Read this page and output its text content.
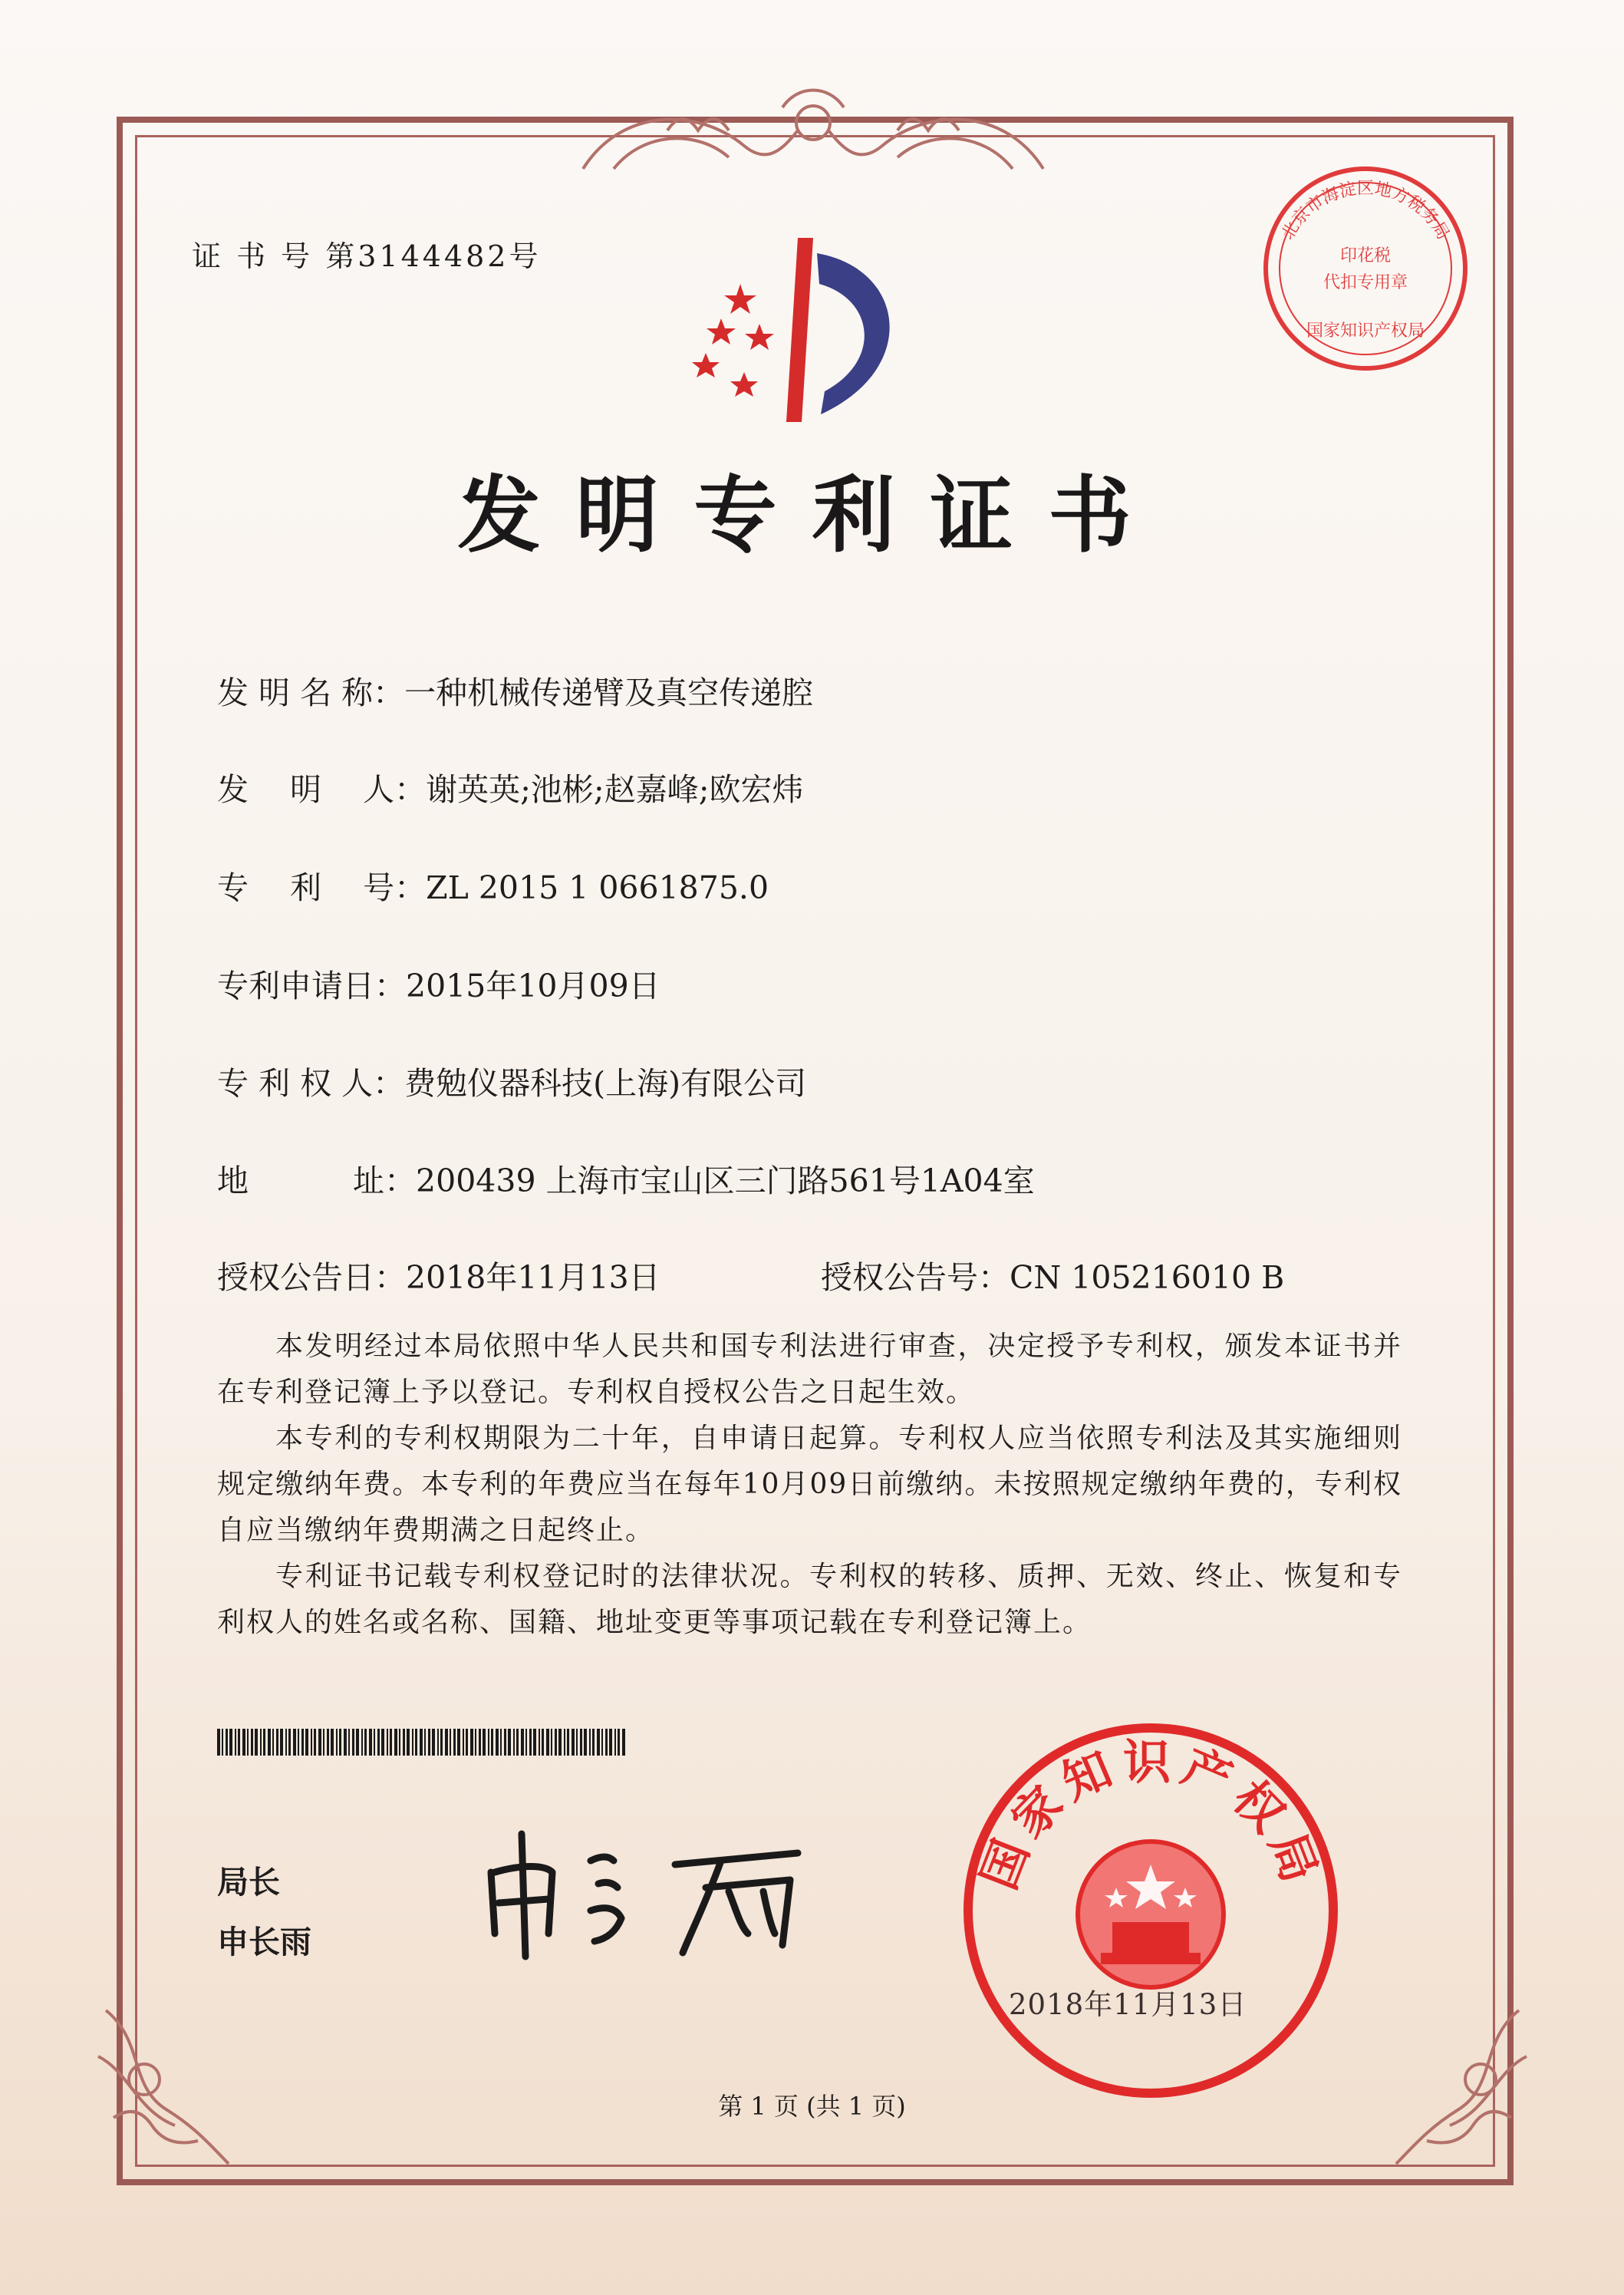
证 书 号 第3144482号
发明专利证书
北京市海淀区地方税务局
印花税
代扣专用章
国家知识产权局
发 明 名 称：一种机械传递臂及真空传递腔
发　 明 　人：谢英英;池彬;赵嘉峰;欧宏炜
专　 利 　号：ZL 2015 1 0661875.0
专利申请日：2015年10月09日
专 利 权 人：费勉仪器科技(上海)有限公司
地　　　 址：200439 上海市宝山区三门路561号1A04室
授权公告日：2018年11月13日	授权公告号：CN 105216010 B
本发明经过本局依照中华人民共和国专利法进行审查，决定授予专利权，颁发本证书并在专利登记簿上予以登记。专利权自授权公告之日起生效。
本专利的专利权期限为二十年，自申请日起算。专利权人应当依照专利法及其实施细则规定缴纳年费。本专利的年费应当在每年10月09日前缴纳。未按照规定缴纳年费的，专利权自应当缴纳年费期满之日起终止。
专利证书记载专利权登记时的法律状况。专利权的转移、质押、无效、终止、恢复和专利权人的姓名或名称、国籍、地址变更等事项记载在专利登记簿上。
局长
申长雨
国家知识产权局
2018年11月13日
第 1 页 (共 1 页)
